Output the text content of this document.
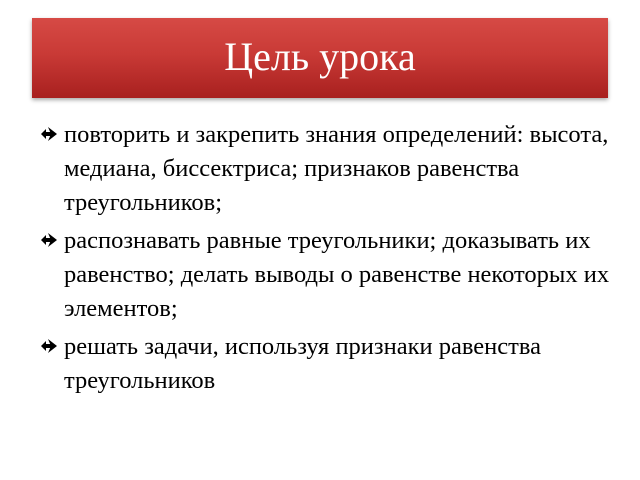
Цель урока
повторить и закрепить знания определений: высота, медиана, биссектриса; признаков равенства треугольников;
распознавать равные треугольники; доказывать их равенство; делать выводы о равенстве некоторых их элементов;
решать задачи, используя признаки равенства треугольников
